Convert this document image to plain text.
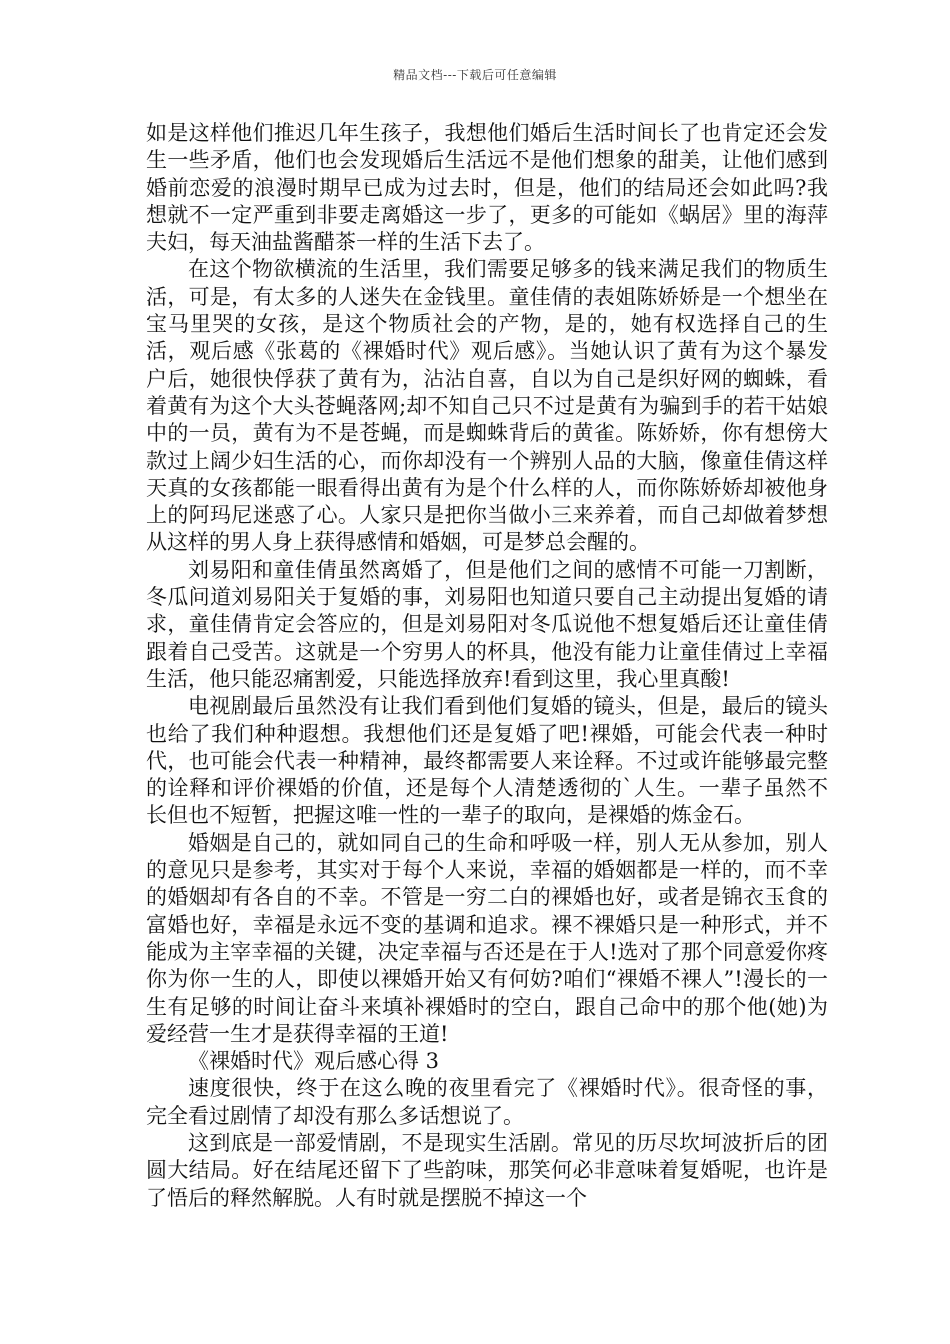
精品文档---下载后可任意编辑

如是这样他们推迟几年生孩子，我想他们婚后生活时间长了也肯定还会发生一些矛盾，他们也会发现婚后生活远不是他们想象的甜美，让他们感到婚前恋爱的浪漫时期早已成为过去时，但是，他们的结局还会如此吗?我想就不一定严重到非要走离婚这一步了，更多的可能如《蜗居》里的海萍夫妇，每天油盐酱醋茶一样的生活下去了。

在这个物欲横流的生活里，我们需要足够多的钱来满足我们的物质生活，可是，有太多的人迷失在金钱里。童佳倩的表姐陈娇娇是一个想坐在宝马里哭的女孩，是这个物质社会的产物，是的，她有权选择自己的生活，观后感《张葛的《裸婚时代》观后感》。当她认识了黄有为这个暴发户后，她很快俘获了黄有为，沾沾自喜，自以为自己是织好网的蜘蛛，看着黄有为这个大头苍蝇落网;却不知自己只不过是黄有为骗到手的若干姑娘中的一员，黄有为不是苍蝇，而是蜘蛛背后的黄雀。陈娇娇，你有想傍大款过上阔少妇生活的心，而你却没有一个辨别人品的大脑，像童佳倩这样天真的女孩都能一眼看得出黄有为是个什么样的人，而你陈娇娇却被他身上的阿玛尼迷惑了心。人家只是把你当做小三来养着，而自己却做着梦想从这样的男人身上获得感情和婚姻，可是梦总会醒的。

刘易阳和童佳倩虽然离婚了，但是他们之间的感情不可能一刀割断，冬瓜问道刘易阳关于复婚的事，刘易阳也知道只要自己主动提出复婚的请求，童佳倩肯定会答应的，但是刘易阳对冬瓜说他不想复婚后还让童佳倩跟着自己受苦。这就是一个穷男人的杯具，他没有能力让童佳倩过上幸福生活，他只能忍痛割爱，只能选择放弃!看到这里，我心里真酸!

电视剧最后虽然没有让我们看到他们复婚的镜头，但是，最后的镜头也给了我们种种遐想。我想他们还是复婚了吧!裸婚，可能会代表一种时代，也可能会代表一种精神，最终都需要人来诠释。不过或许能够最完整的诠释和评价裸婚的价值，还是每个人清楚透彻的`人生。一辈子虽然不长但也不短暂，把握这唯一性的一辈子的取向，是裸婚的炼金石。

婚姻是自己的，就如同自己的生命和呼吸一样，别人无从参加，别人的意见只是参考，其实对于每个人来说，幸福的婚姻都是一样的，而不幸的婚姻却有各自的不幸。不管是一穷二白的裸婚也好，或者是锦衣玉食的富婚也好，幸福是永远不变的基调和追求。裸不裸婚只是一种形式，并不能成为主宰幸福的关键，决定幸福与否还是在于人!选对了那个同意爱你疼你为你一生的人，即使以裸婚开始又有何妨?咱们“裸婚不裸人”!漫长的一生有足够的时间让奋斗来填补裸婚时的空白，跟自己命中的那个他(她)为爱经营一生才是获得幸福的王道!

《裸婚时代》观后感心得 3

速度很快，终于在这么晚的夜里看完了《裸婚时代》。很奇怪的事，完全看过剧情了却没有那么多话想说了。

这到底是一部爱情剧，不是现实生活剧。常见的历尽坎坷波折后的团圆大结局。好在结尾还留下了些韵味，那笑何必非意味着复婚呢，也许是了悟后的释然解脱。人有时就是摆脱不掉这一个
